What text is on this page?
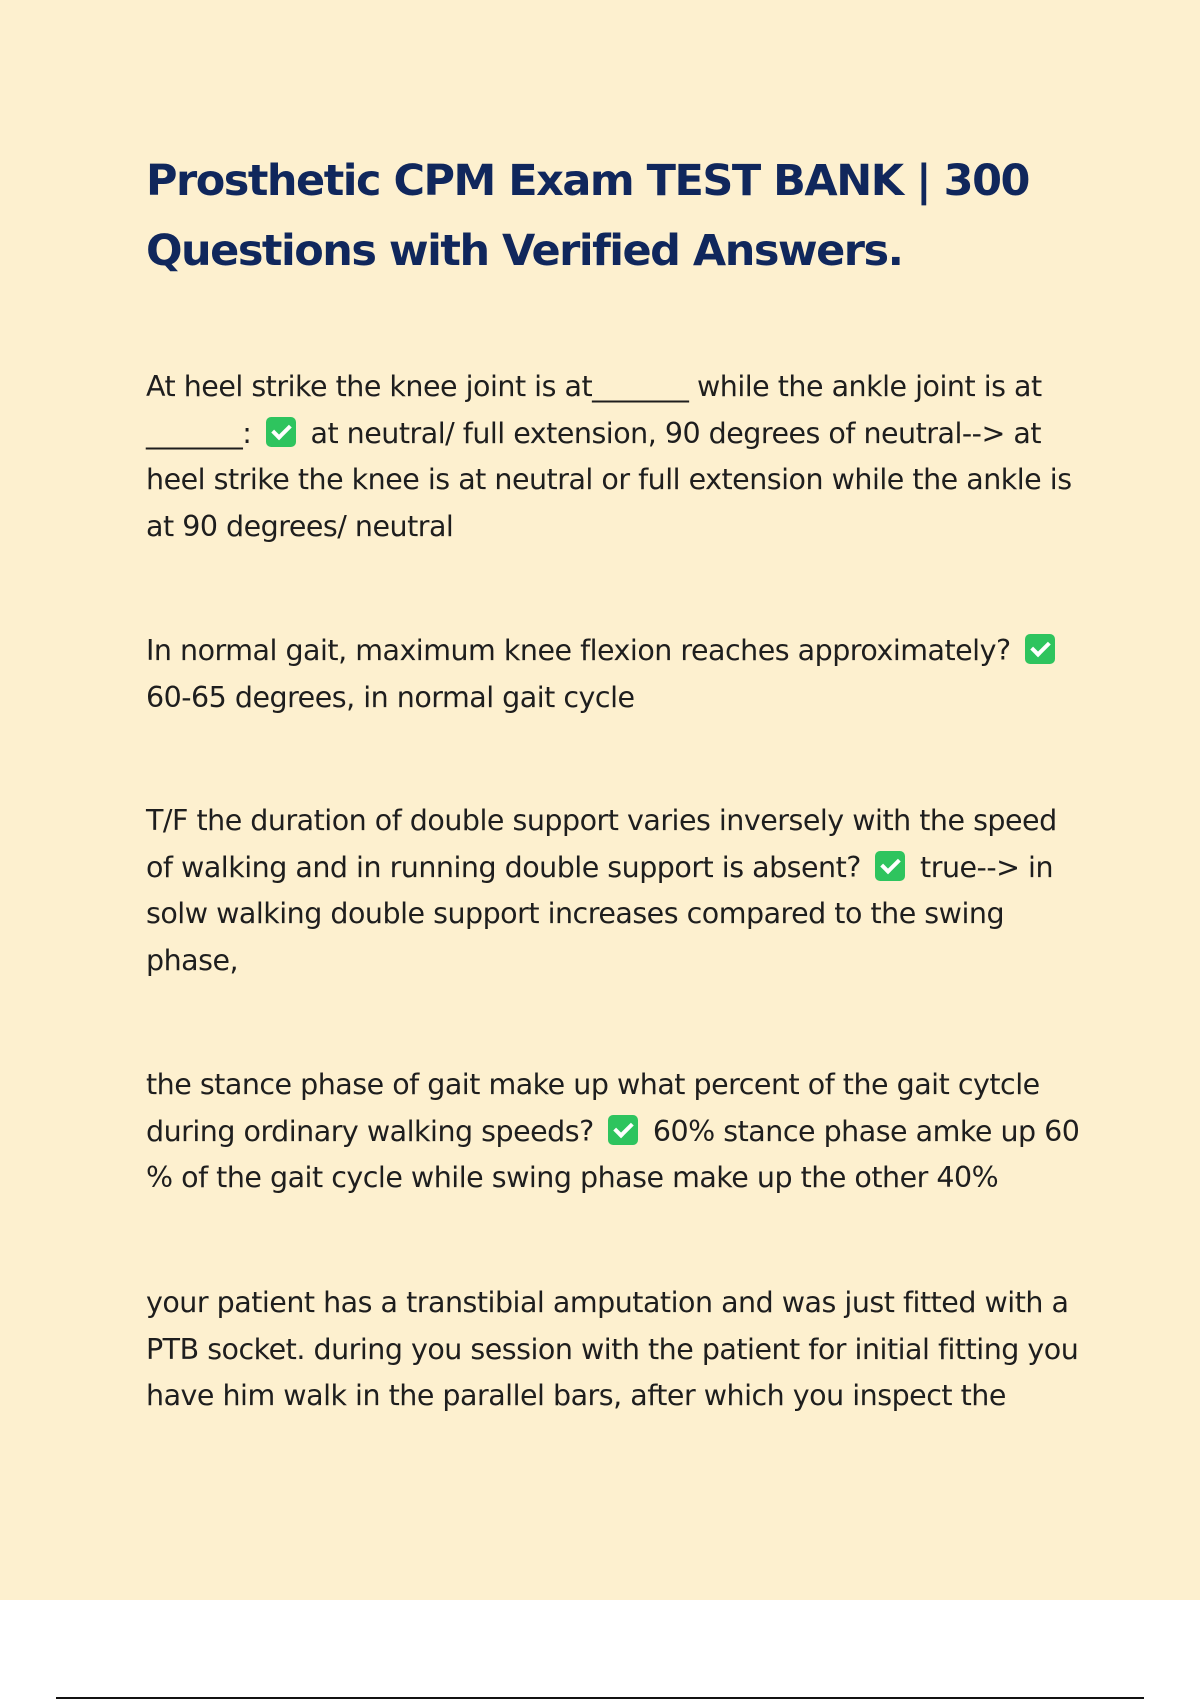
Prosthetic CPM Exam TEST BANK | 300 Questions with Verified Answers.

At heel strike the knee joint is at_______ while the ankle joint is at _______: at neutral/ full extension, 90 degrees of neutral--> at heel strike the knee is at neutral or full extension while the ankle is at 90 degrees/ neutral

In normal gait, maximum knee flexion reaches approximately?  60-65 degrees, in normal gait cycle

T/F the duration of double support varies inversely with the speed of walking and in running double support is absent? true--> in solw walking double support increases compared to the swing phase,

the stance phase of gait make up what percent of the gait cytcle during ordinary walking speeds? 60% stance phase amke up 60 % of the gait cycle while swing phase make up the other 40%

your patient has a transtibial amputation and was just fitted with a PTB socket. during you session with the patient for initial fitting you have him walk in the parallel bars, after which you inspect the
